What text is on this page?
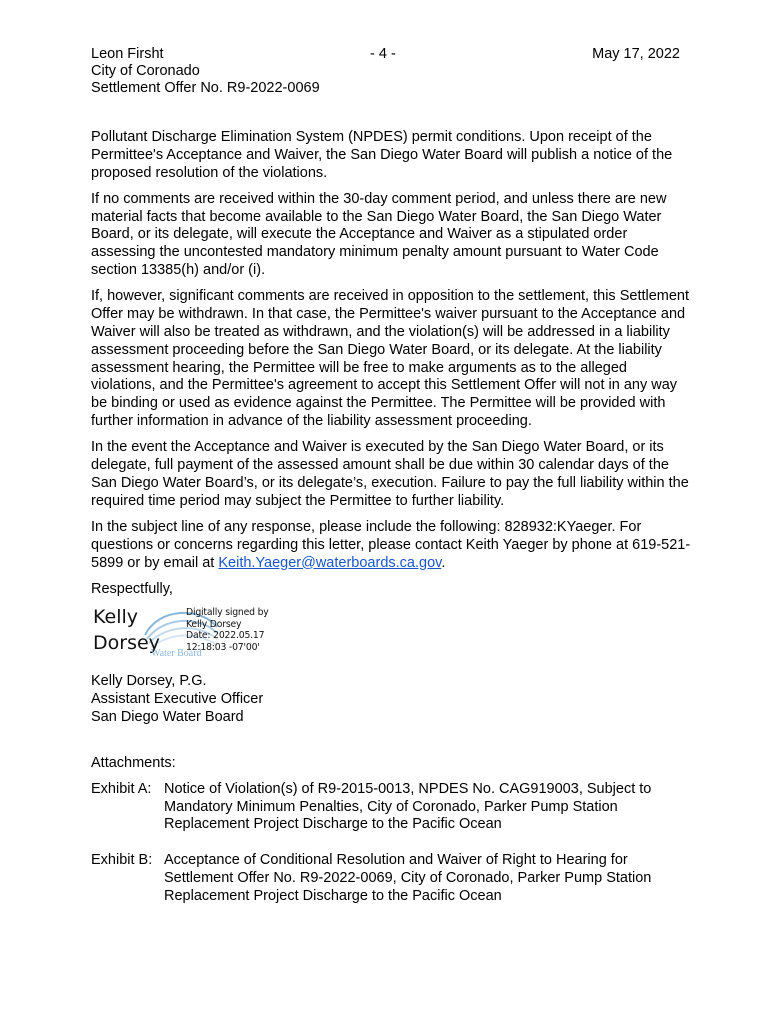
Leon Firsht
City of Coronado
Settlement Offer No. R9-2022-0069
- 4 -	May 17, 2022

Pollutant Discharge Elimination System (NPDES) permit conditions. Upon receipt of the Permittee's Acceptance and Waiver, the San Diego Water Board will publish a notice of the proposed resolution of the violations.

If no comments are received within the 30-day comment period, and unless there are new material facts that become available to the San Diego Water Board, the San Diego Water Board, or its delegate, will execute the Acceptance and Waiver as a stipulated order assessing the uncontested mandatory minimum penalty amount pursuant to Water Code section 13385(h) and/or (i).

If, however, significant comments are received in opposition to the settlement, this Settlement Offer may be withdrawn. In that case, the Permittee's waiver pursuant to the Acceptance and Waiver will also be treated as withdrawn, and the violation(s) will be addressed in a liability assessment proceeding before the San Diego Water Board, or its delegate. At the liability assessment hearing, the Permittee will be free to make arguments as to the alleged violations, and the Permittee's agreement to accept this Settlement Offer will not in any way be binding or used as evidence against the Permittee. The Permittee will be provided with further information in advance of the liability assessment proceeding.

In the event the Acceptance and Waiver is executed by the San Diego Water Board, or its delegate, full payment of the assessed amount shall be due within 30 calendar days of the San Diego Water Board’s, or its delegate’s, execution. Failure to pay the full liability within the required time period may subject the Permittee to further liability.

In the subject line of any response, please include the following: 828932:KYaeger. For questions or concerns regarding this letter, please contact Keith Yaeger by phone at 619-521-5899 or by email at Keith.Yaeger@waterboards.ca.gov.

Respectfully,

Kelly
Dorsey
Water Board
Digitally signed by
Kelly Dorsey
Date: 2022.05.17
12:18:03 -07'00'
Kelly Dorsey, P.G.
Assistant Executive Officer
San Diego Water Board

Attachments:

Exhibit A: Notice of Violation(s) of R9-2015-0013, NPDES No. CAG919003, Subject to Mandatory Minimum Penalties, City of Coronado, Parker Pump Station Replacement Project Discharge to the Pacific Ocean
Exhibit B: Acceptance of Conditional Resolution and Waiver of Right to Hearing for Settlement Offer No. R9-2022-0069, City of Coronado, Parker Pump Station Replacement Project Discharge to the Pacific Ocean
